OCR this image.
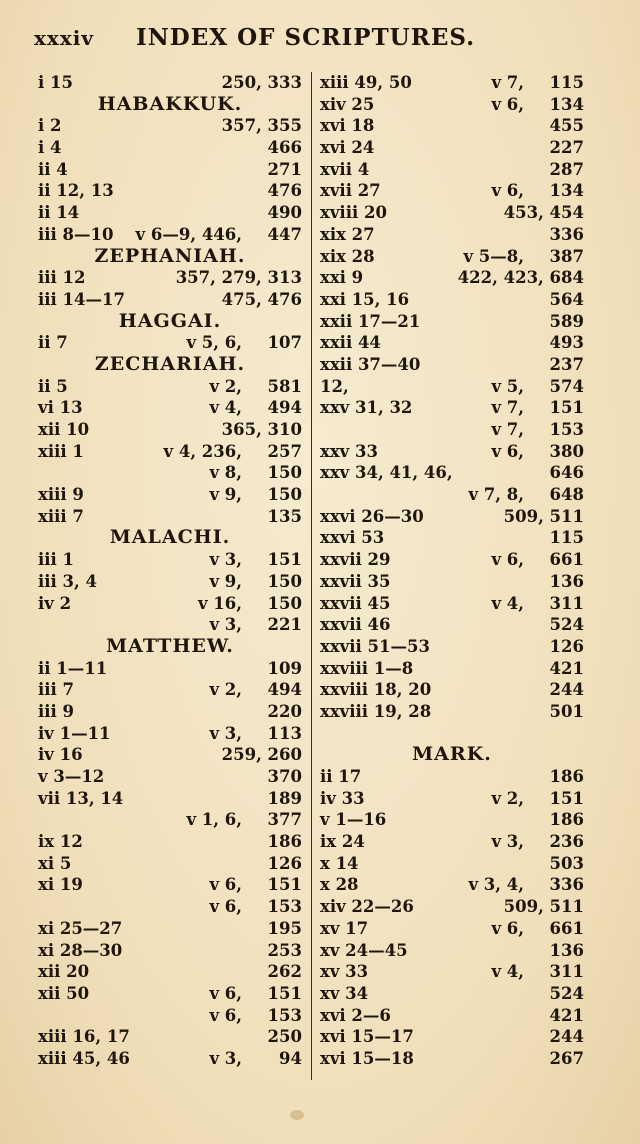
xxxiv INDEX OF SCRIPTURES.
i 15	250, 333
HABAKKUK.
i 2	357, 355
i 4	466
ii 4	271
ii 12, 13	476
ii 14	490
iii 8—10 v 6—9, 446, 447
ZEPHANIAH.
iii 12	357, 279, 313
iii 14—17	475, 476
HAGGAI.
ii 7	v 5, 6, 107
ZECHARIAH.
ii 5	v 2, 581
vi 13	v 4, 494
xii 10	365, 310
xiii 1	v 4, 236, 257
v 8, 150
xiii 9	v 9, 150
xiii 7	135
MALACHI.
iii 1	v 3, 151
iii 3, 4	v 9, 150
iv 2	v 16, 150
v 3, 221
MATTHEW.
ii 1—11	109
iii 7	v 2, 494
iii 9	220
iv 1—11	v 3, 113
iv 16	259, 260
v 3—12	370
vii 13, 14	189
v 1, 6, 377
ix 12	186
xi 5	126
xi 19	v 6, 151
v 6, 153
xi 25—27	195
xi 28—30	253
xii 20	262
xii 50	v 6, 151
v 6, 153
xiii 16, 17	250
xiii 45, 46	v 3, 94
xiii 49, 50	v 7, 115
xiv 25	v 6, 134
xvi 18	455
xvi 24	227
xvii 4	287
xvii 27	v 6, 134
xviii 20	453, 454
xix 27	336
xix 28	v 5—8, 387
xxi 9	422, 423, 684
xxi 15, 16	564
xxii 17—21	589
xxii 44	493
xxii 37—40	237
12,	v 5, 574
xxv 31, 32	v 7, 151
v 7, 153
xxv 33	v 6, 380
xxv 34, 41, 46,	646
v 7, 8, 648
xxvi 26—30	509, 511
xxvi 53	115
xxvii 29	v 6, 661
xxvii 35	136
xxvii 45	v 4, 311
xxvii 46	524
xxvii 51—53	126
xxviii 1—8	421
xxviii 18, 20	244
xxviii 19, 28	501
MARK.
ii 17	186
iv 33	v 2, 151
v 1—16	186
ix 24	v 3, 236
x 14	503
x 28	v 3, 4, 336
xiv 22—26	509, 511
xv 17	v 6, 661
xv 24—45	136
xv 33	v 4, 311
xv 34	524
xvi 2—6	421
xvi 15—17	244
xvi 15—18	267
